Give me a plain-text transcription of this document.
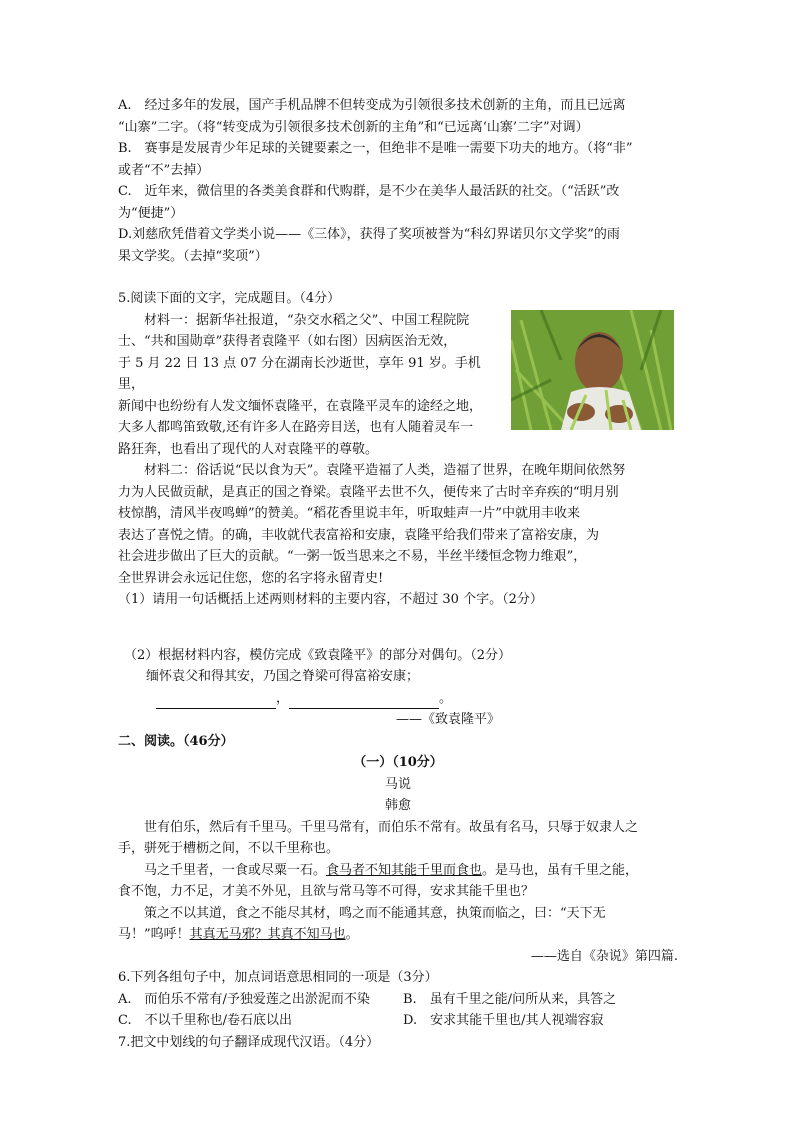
A.　经过多年的发展，国产手机品牌不但转变成为引领很多技术创新的主角，而且已远离

“山寨”二字。（将“转变成为引领很多技术创新的主角”和“已远离‘山寨’二字”对调）

B.　赛事是发展青少年足球的关键要素之一，但绝非不是唯一需要下功夫的地方。（将“非”

或者“不”去掉）

C.　近年来，微信里的各类美食群和代购群，是不少在美华人最活跃的社交。（“活跃”改

为“便捷”）

D.刘慈欣凭借着文学类小说——《三体》，获得了奖项被誉为“科幻界诺贝尔文学奖”的雨

果文学奖。（去掉“奖项”）

5.阅读下面的文字，完成题目。（4分）

材料一：据新华社报道，“杂交水稻之父”、中国工程院院

士、“共和国勋章”获得者袁隆平（如右图）因病医治无效，

于 5 月 22 日 13 点 07 分在湖南长沙逝世，享年 91 岁。手机里，

新闻中也纷纷有人发文缅怀袁隆平，在袁隆平灵车的途经之地，

大多人都鸣笛致敬,还有许多人在路旁目送，也有人随着灵车一

路狂奔，也看出了现代的人对袁隆平的尊敬。

材料二：俗话说“民以食为天”。袁隆平造福了人类，造福了世界，在晚年期间依然努

力为人民做贡献，是真正的国之脊梁。袁隆平去世不久，便传来了古时辛弃疾的“明月别

枝惊鹊，清风半夜鸣蝉”的赞美。“稻花香里说丰年，听取蛙声一片”中就用丰收来

表达了喜悦之情。的确，丰收就代表富裕和安康，袁隆平给我们带来了富裕安康，为

社会进步做出了巨大的贡献。“一粥一饭当思来之不易，半丝半缕恒念物力维艰”，

全世界讲会永远记住您，您的名字将永留青史!

（1）请用一句话概括上述两则材料的主要内容，不超过 30 个字。（2分）

（2）根据材料内容，模仿完成《致袁隆平》的部分对偶句。（2分）

缅怀袁父和得其安，乃国之脊梁可得富裕安康；

，	。

——《致袁隆平》

二、阅读。（46分）

（一）（10分）

马说

韩愈

世有伯乐，然后有千里马。千里马常有，而伯乐不常有。故虽有名马，只辱于奴隶人之

手，骈死于槽枥之间，不以千里称也。

马之千里者，一食或尽粟一石。食马者不知其能千里而食也。是马也，虽有千里之能，

食不饱，力不足，才美不外见，且欲与常马等不可得，安求其能千里也？

策之不以其道，食之不能尽其材，鸣之而不能通其意，执策而临之，曰：“天下无

马！”呜呼！其真无马邪？其真不知马也。

——选自《杂说》第四篇.

6.下列各组句子中，加点词语意思相同的一项是（3分）

A.　而伯乐不常有/予独爱莲之出淤泥而不染	B.　虽有千里之能/问所从来，具答之

C.　不以千里称也/卷石底以出	D.　安求其能千里也/其人视端容寂

7.把文中划线的句子翻译成现代汉语。（4分）
